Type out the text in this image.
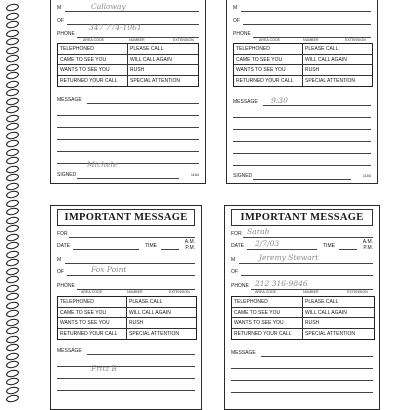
M	Calloway
OF
PHONE
347 774-1061
AREA CODE	NUMBER	EXTENSION
TELEPHONED	PLEASE CALL
CAME TO SEE YOU	WILL CALL AGAIN
WANTS TO SEE YOU	RUSH
RETURNED YOUR CALL	SPECIAL ATTENTION
MESSAGE
Michele
SIGNED	1184
M
OF
PHONE
AREA CODE	NUMBER	EXTENSION
TELEPHONED	PLEASE CALL
CAME TO SEE YOU	WILL CALL AGAIN
WANTS TO SEE YOU	RUSH
RETURNED YOUR CALL	SPECIAL ATTENTION
MESSAGE 9:30
SIGNED	1184
IMPORTANT MESSAGE
FOR
DATE	TIME
A.M.
P.M.
M
OF	Fox Point
PHONE
AREA CODE	NUMBER	EXTENSION
TELEPHONED	PLEASE CALL
CAME TO SEE YOU	WILL CALL AGAIN
WANTS TO SEE YOU	RUSH
RETURNED YOUR CALL	SPECIAL ATTENTION
MESSAGE
Fritz B
IMPORTANT MESSAGE
FOR Sarah
DATE 2/7/03	TIME
A.M.
P.M.
M	Jeremy Stewart
OF
PHONE 212 316-9846
AREA CODE	NUMBER	EXTENSION
TELEPHONED	PLEASE CALL
CAME TO SEE YOU	WILL CALL AGAIN
WANTS TO SEE YOU	RUSH
RETURNED YOUR CALL	SPECIAL ATTENTION
MESSAGE
